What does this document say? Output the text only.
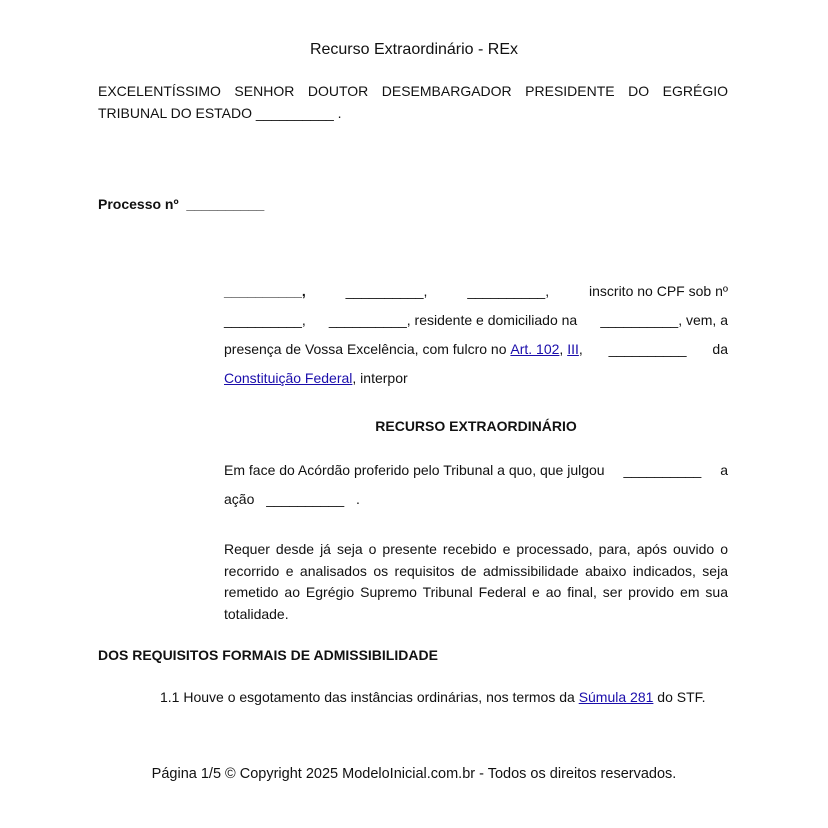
Recurso Extraordinário - REx
EXCELENTÍSSIMO SENHOR DOUTOR DESEMBARGADOR PRESIDENTE DO EGRÉGIO
TRIBUNAL DO ESTADO __________ .
Processo nº __________
__________,	__________,	__________,	inscrito no CPF sob nº
__________, __________, residente e domiciliado na __________, vem, a
presença de Vossa Excelência, com fulcro no Art. 102, III, __________ da
Constituição Federal, interpor
RECURSO EXTRAORDINÁRIO
Em face do Acórdão proferido pelo Tribunal a quo, que julgou __________ a
ação
__________
.
Requer desde já seja o presente recebido e processado, para, após ouvido o recorrido e analisados os requisitos de admissibilidade abaixo indicados, seja remetido ao Egrégio Supremo Tribunal Federal e ao final, ser provido em sua totalidade.
DOS REQUISITOS FORMAIS DE ADMISSIBILIDADE
1.1 Houve o esgotamento das instâncias ordinárias, nos termos da Súmula 281 do STF.
Página 1/5 © Copyright 2025 ModeloInicial.com.br - Todos os direitos reservados.
